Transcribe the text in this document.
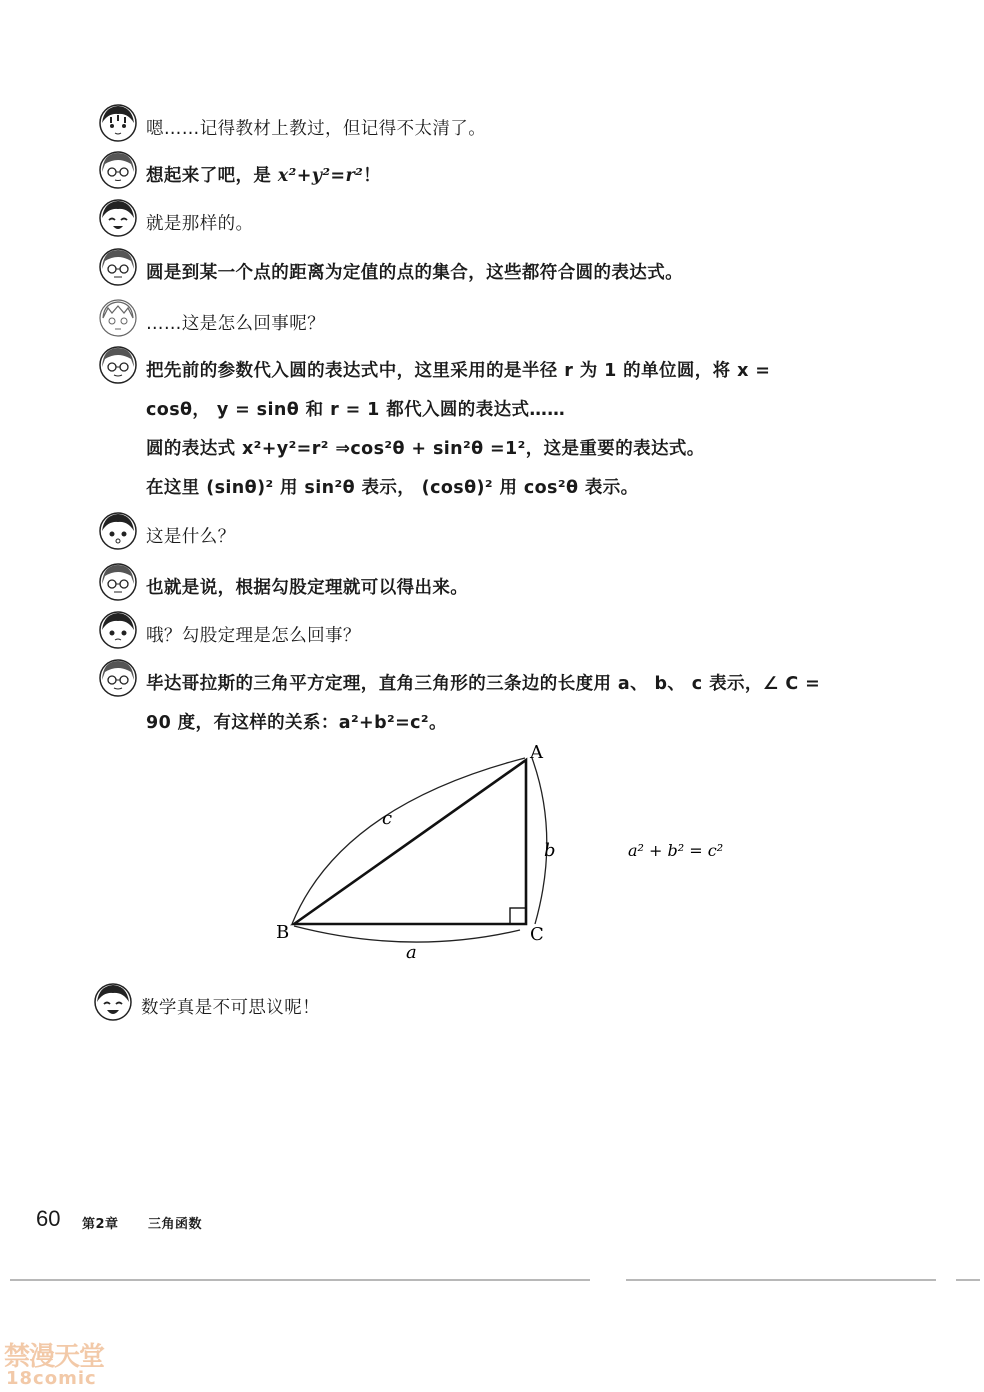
嗯……记得教材上教过，但记得不太清了。
想起来了吧，是 x²+y²=r²！
就是那样的。
圆是到某一个点的距离为定值的点的集合，这些都符合圆的表达式。
……这是怎么回事呢？
把先前的参数代入圆的表达式中，这里采用的是半径 r 为 1 的单位圆，将 x =
cosθ， y = sinθ 和 r = 1 都代入圆的表达式……
圆的表达式 x²+y²=r² ⇒cos²θ + sin²θ =1²，这是重要的表达式。
在这里 (sinθ)² 用 sin²θ 表示， (cosθ)² 用 cos²θ 表示。
这是什么？
也就是说，根据勾股定理就可以得出来。
哦？勾股定理是怎么回事？
毕达哥拉斯的三角平方定理，直角三角形的三条边的长度用 a、 b、 c 表示，∠ C =
90 度，有这样的关系：a²+b²=c²。
A
B	C
a
b
c
a² + b² = c²
数学真是不可思议呢！
60 第2章 三角函数
禁漫天堂
18comic
